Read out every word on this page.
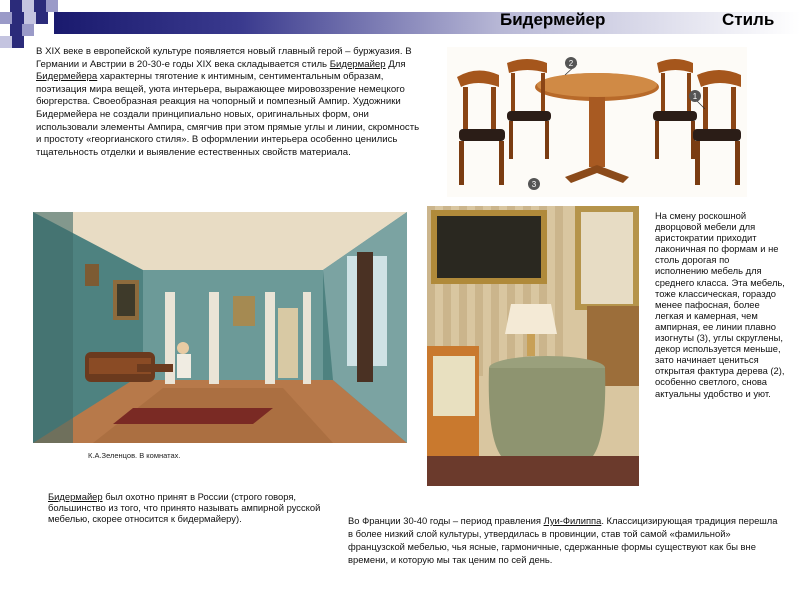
Бидермейер	Стиль
В XIX веке в европейской культуре появляется новый главный герой – буржуазия. В Германии и Австрии в 20-30-е годы XIX века складывается стиль Бидермайер Для Бидермейера характерны тяготение к интимным, сентиментальным образам, поэтизация мира вещей, уюта интерьера, выражающее мировоззрение немецкого бюргерства. Своеобразная реакция на чопорный и помпезный Ампир. Художники Бидермейера не создали принципиально новых, оригинальных форм, они использовали элементы Ампира, смягчив при этом прямые углы и линии, скромность и простоту «георгианского стиля». В оформлении интерьера особенно ценились тщательность отделки и выявление естественных свойств материала.
2
1
3
К.А.Зеленцов. В комнатах.
На смену роскошной дворцовой мебели для аристократии приходит лаконичная по формам и не столь дорогая по исполнению мебель для среднего класса. Эта мебель, тоже классическая, гораздо менее пафосная, более легкая и камерная, чем ампирная, ее линии плавно изогнуты (3), углы скруглены, декор используется меньше, зато начинает цениться открытая фактура дерева (2), особенно светлого, снова актуальны удобство и уют.
Бидермайер был охотно принят в России (строго говоря, большинство из того, что принято называть ампирной русской мебелью, скорее относится к бидермайеру).	Во Франции 30-40 годы – период правления Луи-Филиппа. Классицизирующая традиция перешла в более низкий слой культуры, утвердилась в провинции, став той самой «фамильной» французской мебелью, чья ясные, гармоничные, сдержанные формы существуют как бы вне времени, и которую мы так ценим по сей день.
